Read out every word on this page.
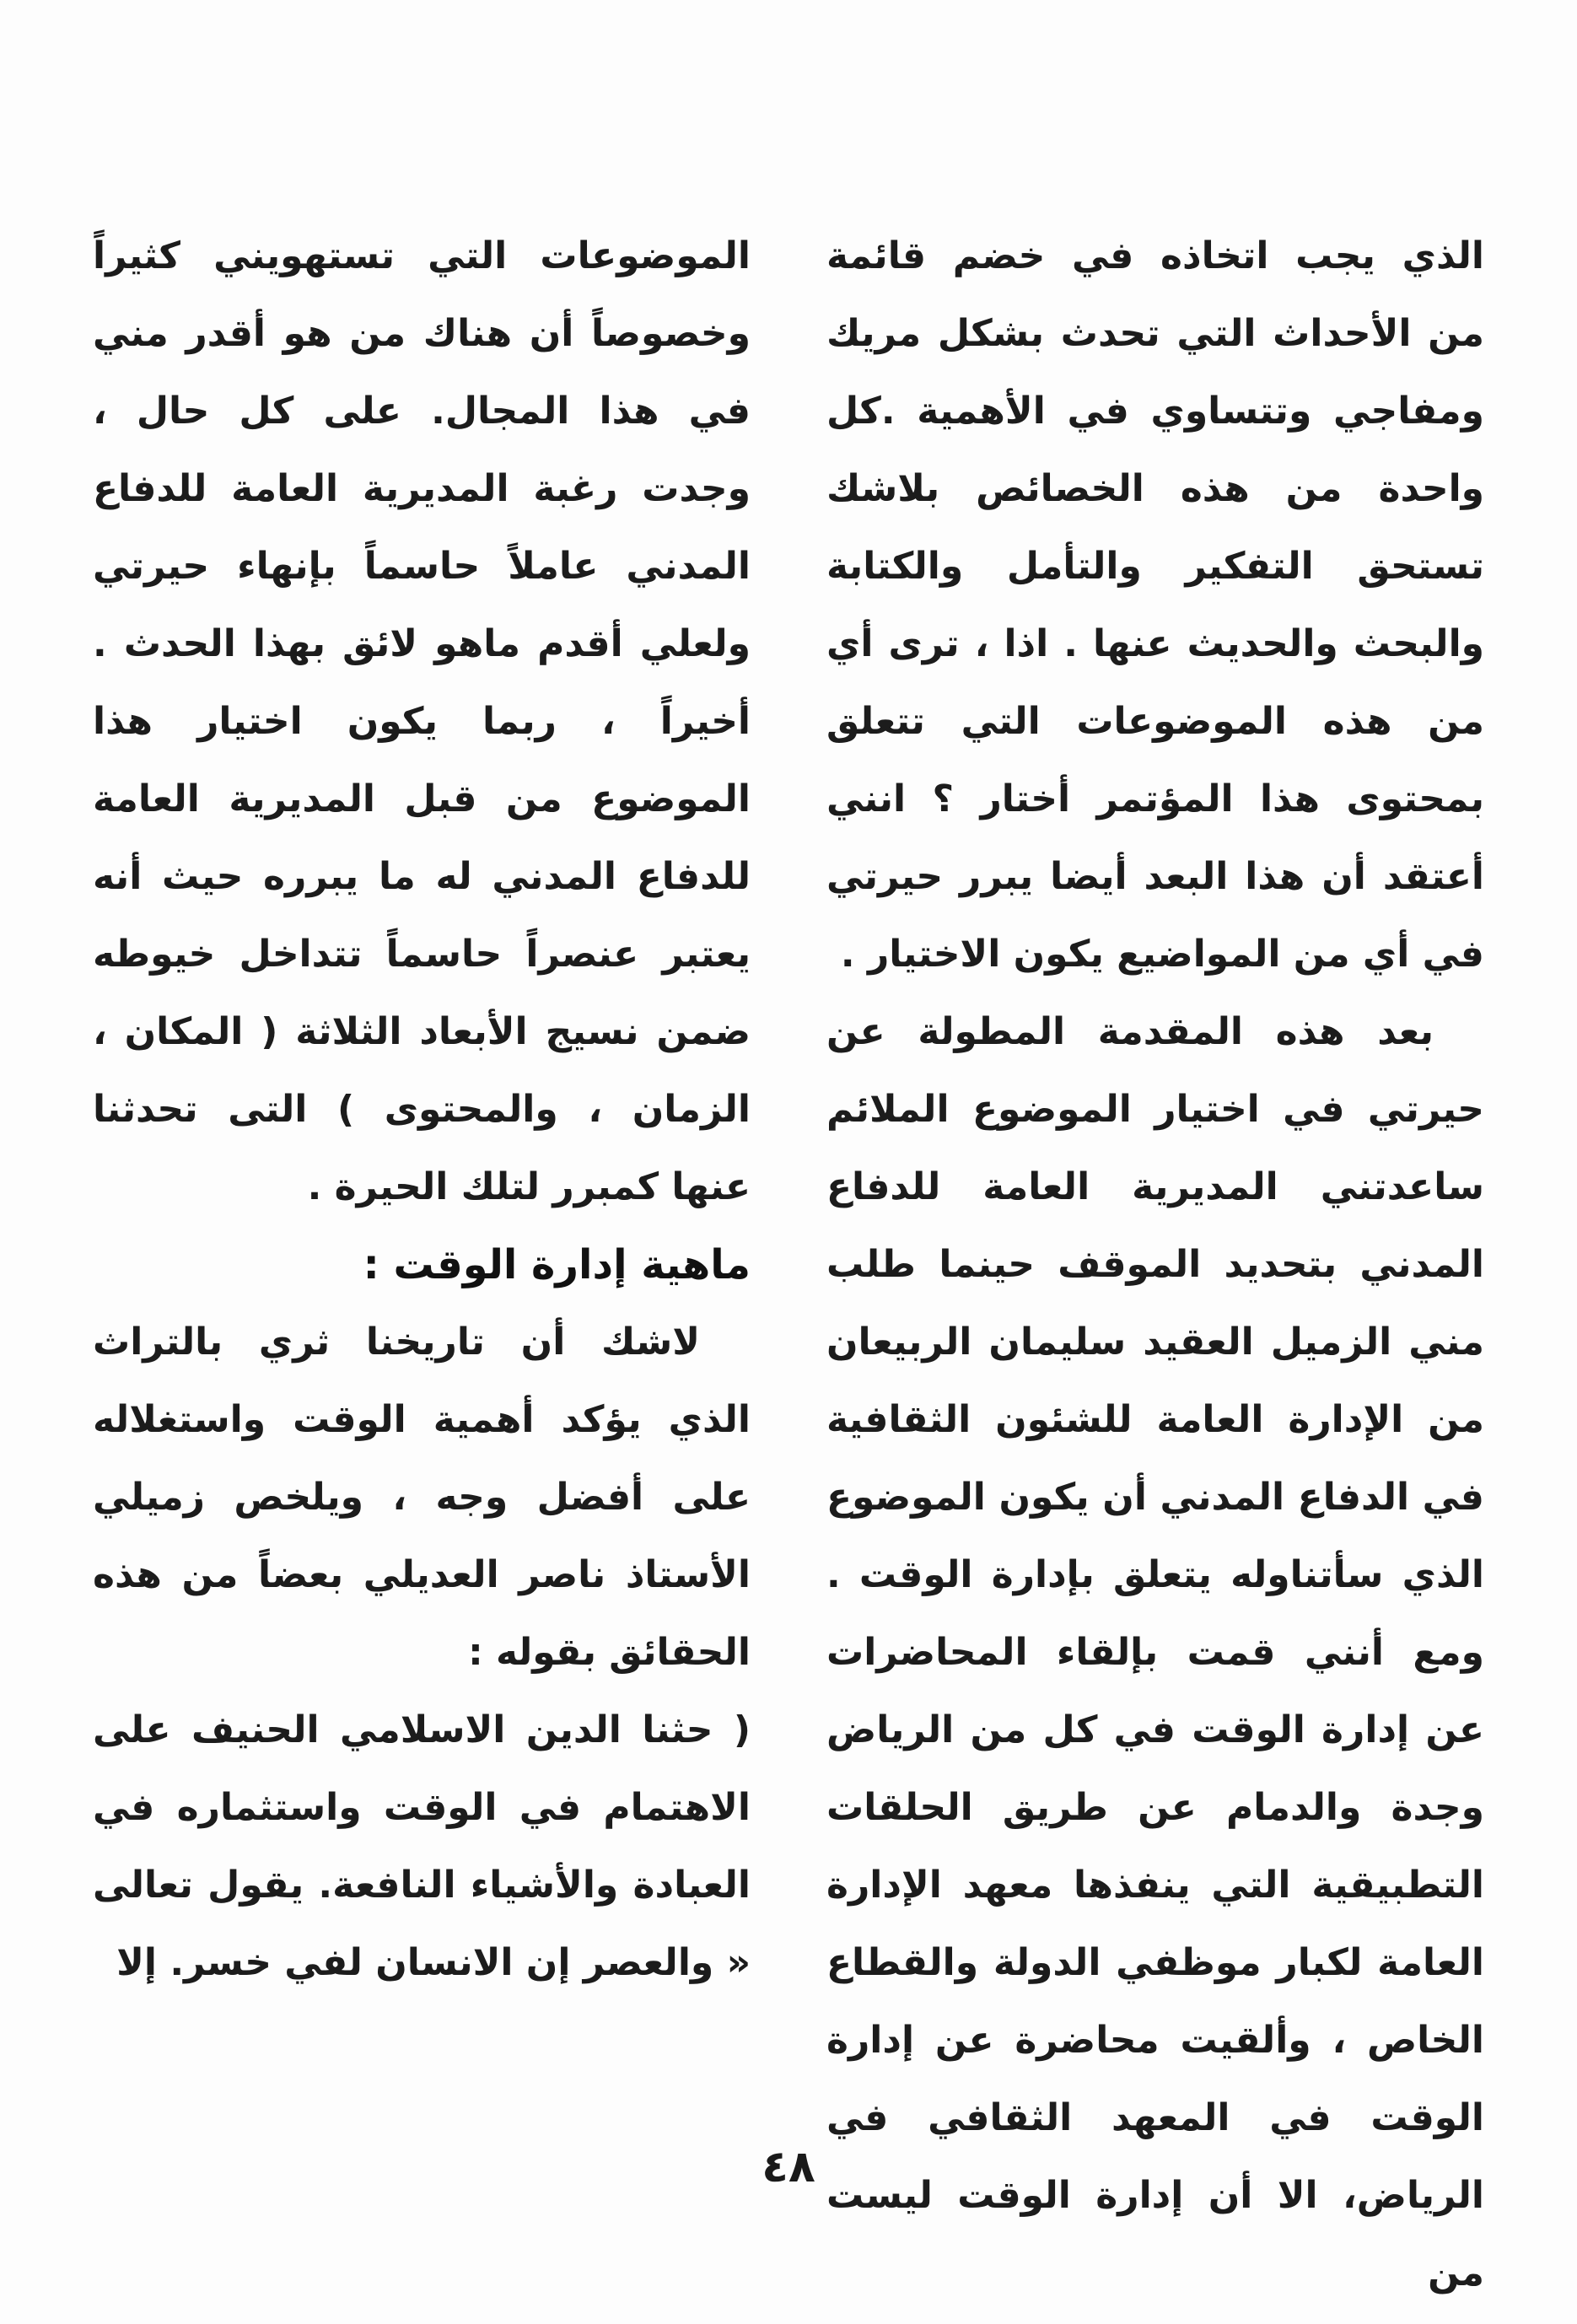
الذي يجب اتخاذه في خضم قائمة من الأحداث التي تحدث بشكل مريك ومفاجي وتتساوي في الأهمية .كل واحدة من هذه الخصائص بلاشك تستحق التفكير والتأمل والكتابة والبحث والحديث عنها . اذا ، ترى أي من هذه الموضوعات التي تتعلق بمحتوى هذا المؤتمر أختار ؟ انني أعتقد أن هذا البعد أيضا يبرر حيرتي في أي من المواضيع يكون الاختيار .

بعد هذه المقدمة المطولة عن حيرتي في اختيار الموضوع الملائم ساعدتني المديرية العامة للدفاع المدني بتحديد الموقف حينما طلب مني الزميل العقيد سليمان الربيعان من الإدارة العامة للشئون الثقافية في الدفاع المدني أن يكون الموضوع الذي سأتناوله يتعلق بإدارة الوقت . ومع أنني قمت بإلقاء المحاضرات عن إدارة الوقت في كل من الرياض وجدة والدمام عن طريق الحلقات التطبيقية التي ينفذها معهد الإدارة العامة لكبار موظفي الدولة والقطاع الخاص ، وألقيت محاضرة عن إدارة الوقت في المعهد الثقافي في الرياض، الا أن إدارة الوقت ليست من

الموضوعات التي تستهويني كثيراً وخصوصاً أن هناك من هو أقدر مني في هذا المجال. على كل حال ، وجدت رغبة المديرية العامة للدفاع المدني عاملاً حاسماً بإنهاء حيرتي ولعلي أقدم ماهو لائق بهذا الحدث . أخيراً ، ربما يكون اختيار هذا الموضوع من قبل المديرية العامة للدفاع المدني له ما يبرره حيث أنه يعتبر عنصراً حاسماً تتداخل خيوطه ضمن نسيج الأبعاد الثلاثة ( المكان ، الزمان ، والمحتوى ) التى تحدثنا عنها كمبرر لتلك الحيرة .

ماهية إدارة الوقت :

لاشك أن تاريخنا ثري بالتراث الذي يؤكد أهمية الوقت واستغلاله على أفضل وجه ، ويلخص زميلي الأستاذ ناصر العديلي بعضاً من هذه الحقائق بقوله :

( حثنا الدين الاسلامي الحنيف على الاهتمام في الوقت واستثماره في العبادة والأشياء النافعة. يقول تعالى « والعصر إن الانسان لفي خسر. إلا

٤٨
